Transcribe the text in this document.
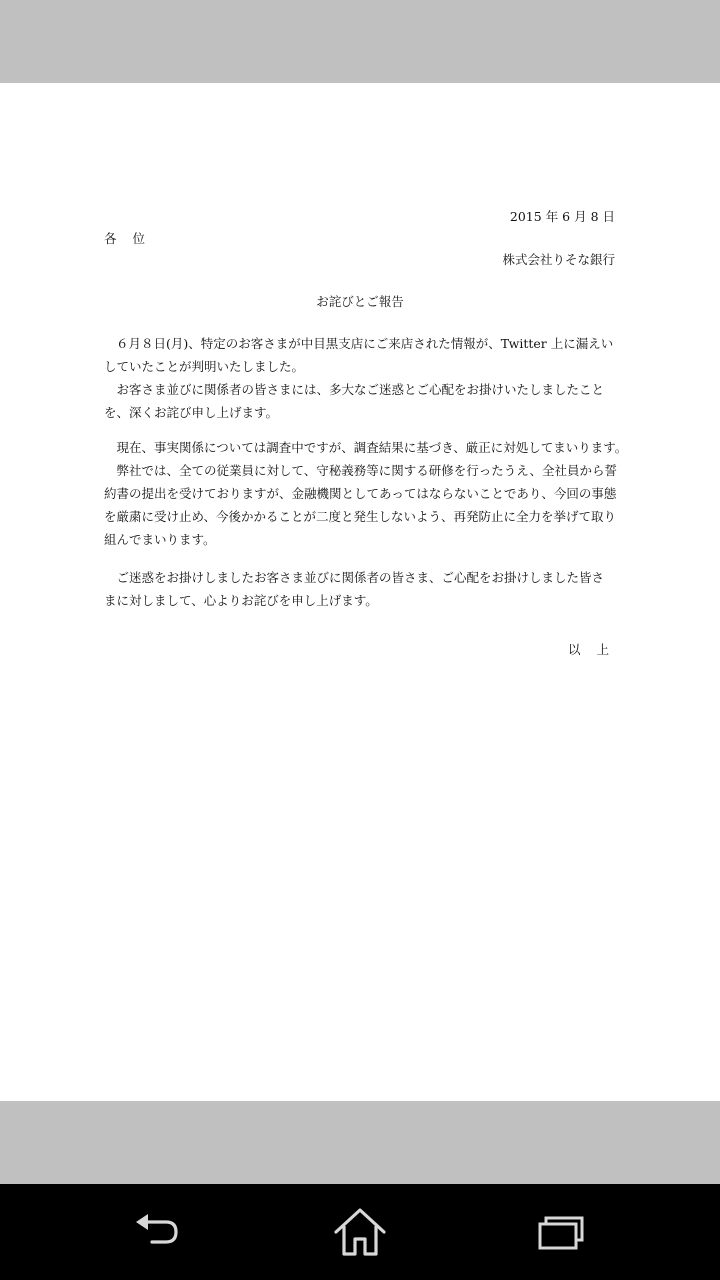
2015 年 6 月 8 日
各 位
株式会社りそな銀行
お詫びとご報告
６月８日(月)、特定のお客さまが中目黒支店にご来店された情報が、Twitter 上に漏えい
していたことが判明いたしました。
　お客さま並びに関係者の皆さまには、多大なご迷惑とご心配をお掛けいたしましたこと
を、深くお詫び申し上げます。
　現在、事実関係については調査中ですが、調査結果に基づき、厳正に対処してまいります。
　弊社では、全ての従業員に対して、守秘義務等に関する研修を行ったうえ、全社員から誓
約書の提出を受けておりますが、金融機関としてあってはならないことであり、今回の事態
を厳粛に受け止め、今後かかることが二度と発生しないよう、再発防止に全力を挙げて取り
組んでまいります。
　ご迷惑をお掛けしましたお客さま並びに関係者の皆さま、ご心配をお掛けしました皆さ
まに対しまして、心よりお詫びを申し上げます。
以 上
